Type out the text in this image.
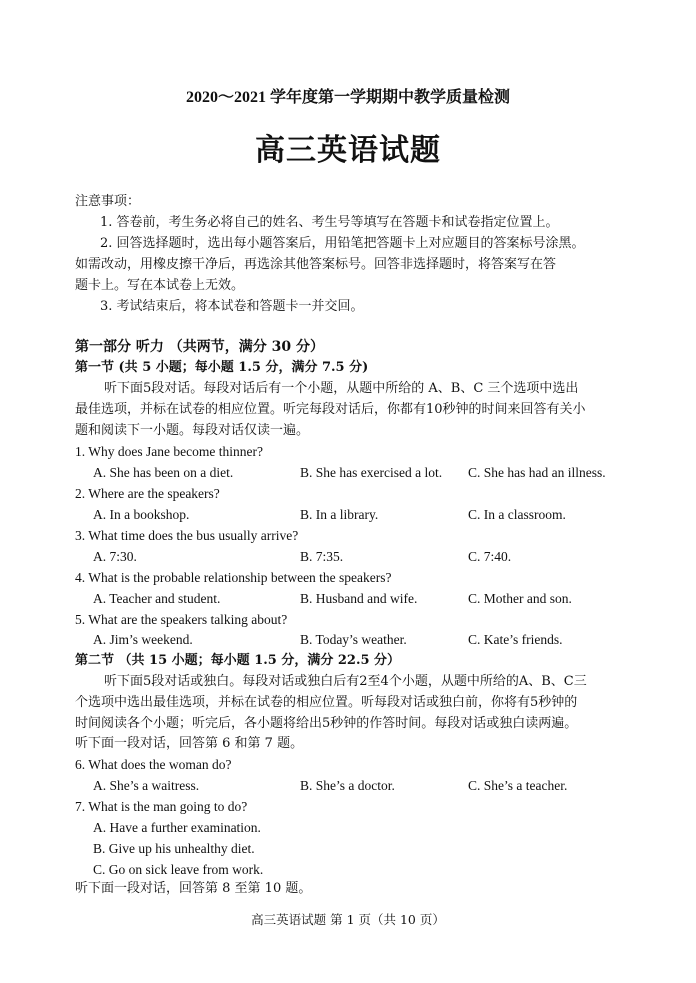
2020～2021 学年度第一学期期中教学质量检测
高三英语试题
注意事项：
1. 答卷前，考生务必将自己的姓名、考生号等填写在答题卡和试卷指定位置上。
2. 回答选择题时，选出每小题答案后，用铅笔把答题卡上对应题目的答案标号涂黑。
如需改动，用橡皮擦干净后，再选涂其他答案标号。回答非选择题时，将答案写在答
题卡上。写在本试卷上无效。
3. 考试结束后，将本试卷和答题卡一并交回。
第一部分 听力 （共两节，满分 30 分）
第一节 (共 5 小题；每小题 1.5 分，满分 7.5 分)
听下面5段对话。每段对话后有一个小题，从题中所给的 A、B、C 三个选项中选出
最佳选项，并标在试卷的相应位置。听完每段对话后，你都有10秒钟的时间来回答有关小
题和阅读下一小题。每段对话仅读一遍。
1. Why does Jane become thinner?
A. She has been on a diet.	B. She has exercised a lot. C. She has had an illness.
2. Where are the speakers?
A. In a bookshop.	B. In a library.	C. In a classroom.
3. What time does the bus usually arrive?
A. 7:30.	B. 7:35.	C. 7:40.
4. What is the probable relationship between the speakers?
A. Teacher and student.	B. Husband and wife.	C. Mother and son.
5. What are the speakers talking about?
A. Jim’s weekend.	B. Today’s weather.	C. Kate’s friends.
第二节 （共 15 小题；每小题 1.5 分，满分 22.5 分）
听下面5段对话或独白。每段对话或独白后有2至4个小题，从题中所给的A、B、C三
个选项中选出最佳选项，并标在试卷的相应位置。听每段对话或独白前，你将有5秒钟的
时间阅读各个小题；听完后，各小题将给出5秒钟的作答时间。每段对话或独白读两遍。
听下面一段对话，回答第 6 和第 7 题。
6. What does the woman do?
A. She’s a waitress.	B. She’s a doctor.	C. She’s a teacher.
7. What is the man going to do?
A. Have a further examination.
B. Give up his unhealthy diet.
C. Go on sick leave from work.
听下面一段对话，回答第 8 至第 10 题。
高三英语试题 第 1 页（共 10 页）
